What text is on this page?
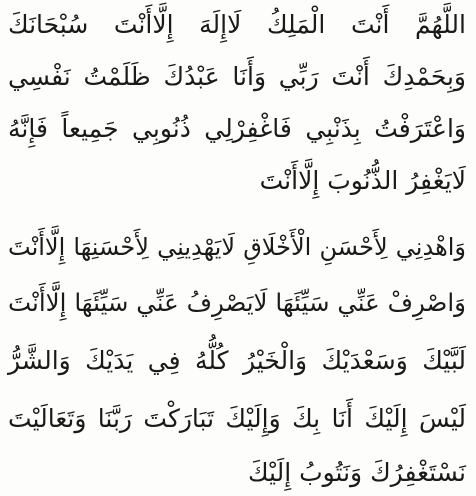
اللَّهُمَّ أَنْتَ الْمَلِكُ لَاإِلَهَ إِلَّاأَنْتَ سُبْحَانَكَ
وَبِحَمْدِكَ أَنْتَ رَبِّي وَأَنَا عَبْدُكَ ظَلَمْتُ نَفْسِي
وَاعْتَرَفْتُ بِذَنْبِي فَاغْفِرْلِي ذُنُوبِي جَمِيعاً فَإِنَّهُ
لَايَغْفِرُ الذُّنُوبَ إِلَّاأَنْتَ
وَاهْدِنِي لِأَحْسَنِ الْأَخْلَاقِ لَايَهْدِينِي لِأَحْسَنِهَا إِلَّاأَنْتَ
وَاصْرِفْ عَنِّي سَيِّئَهَا لَايَصْرِفُ عَنِّي سَيِّئَهَا إِلَّاأَنْتَ
لَبَّيْكَ وَسَعْدَيْكَ وَالْخَيْرُ كُلُّهُ فِي يَدَيْكَ وَالشَّرُّ
لَيْسَ إِلَيْكَ أَنَا بِكَ وَإِلَيْكَ تَبَارَكْتَ رَبَّنَا وَتَعَالَيْتَ
نَسْتَغْفِرُكَ وَنَتُوبُ إِلَيْكَ
